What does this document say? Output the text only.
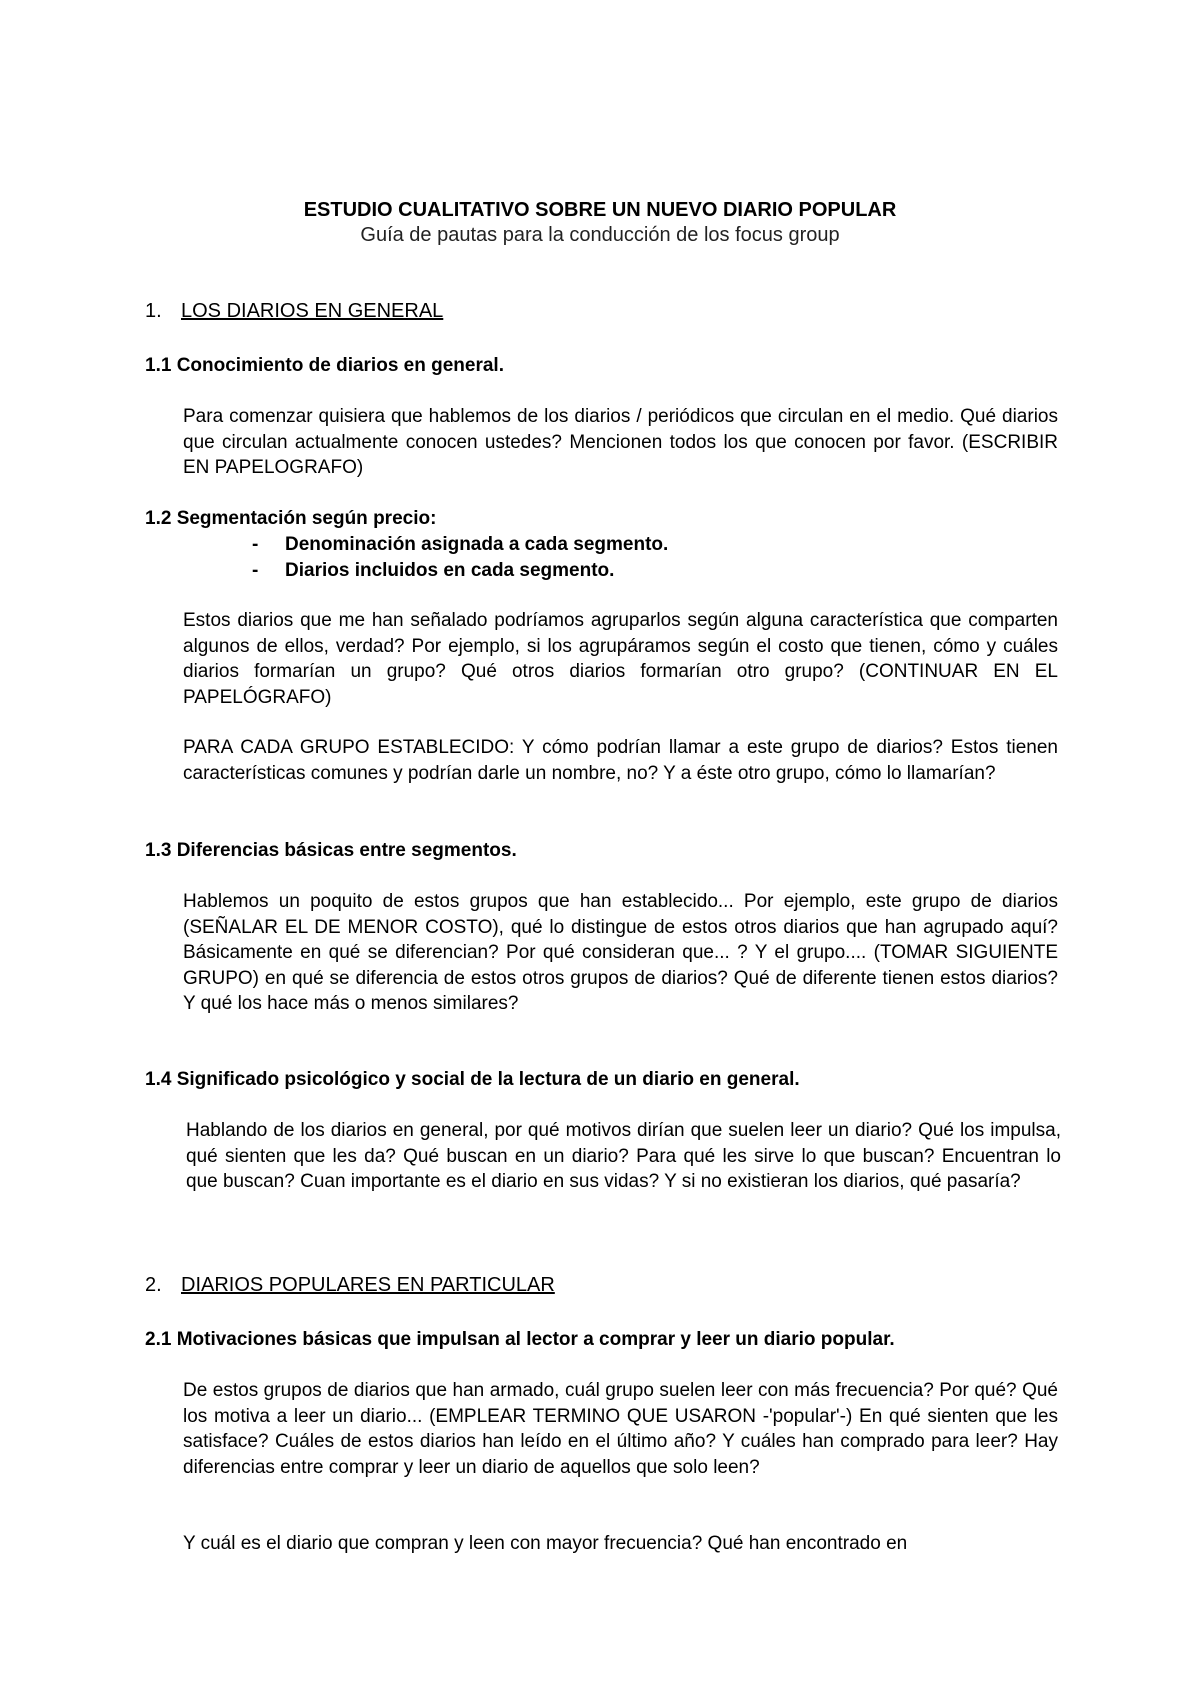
ESTUDIO CUALITATIVO SOBRE UN NUEVO DIARIO POPULAR
Guía de pautas para la conducción de los focus group
1. LOS DIARIOS EN GENERAL
1.1 Conocimiento de diarios en general.
Para comenzar quisiera que hablemos de los diarios / periódicos que circulan en el medio. Qué diarios que circulan actualmente conocen ustedes? Mencionen todos los que conocen por favor. (ESCRIBIR EN PAPELOGRAFO)
1.2 Segmentación según precio:
-	Denominación asignada a cada segmento.
-	Diarios incluidos en cada segmento.
Estos diarios que me han señalado podríamos agruparlos según alguna característica que comparten algunos de ellos, verdad? Por ejemplo, si los agrupáramos según el costo que tienen, cómo y cuáles diarios formarían un grupo? Qué otros diarios formarían otro grupo? (CONTINUAR EN EL PAPELÓGRAFO)
PARA CADA GRUPO ESTABLECIDO: Y cómo podrían llamar a este grupo de diarios? Estos tienen características comunes y podrían darle un nombre, no? Y a éste otro grupo, cómo lo llamarían?
1.3 Diferencias básicas entre segmentos.
Hablemos un poquito de estos grupos que han establecido... Por ejemplo, este grupo de diarios (SEÑALAR EL DE MENOR COSTO), qué lo distingue de estos otros diarios que han agrupado aquí? Básicamente en qué se diferencian? Por qué consideran que... ? Y el grupo.... (TOMAR SIGUIENTE GRUPO) en qué se diferencia de estos otros grupos de diarios? Qué de diferente tienen estos diarios? Y qué los hace más o menos similares?
1.4 Significado psicológico y social de la lectura de un diario en general.
Hablando de los diarios en general, por qué motivos dirían que suelen leer un diario? Qué los impulsa, qué sienten que les da? Qué buscan en un diario? Para qué les sirve lo que buscan? Encuentran lo que buscan? Cuan importante es el diario en sus vidas? Y si no existieran los diarios, qué pasaría?
2. DIARIOS POPULARES EN PARTICULAR
2.1 Motivaciones básicas que impulsan al lector a comprar y leer un diario popular.
De estos grupos de diarios que han armado, cuál grupo suelen leer con más frecuencia? Por qué? Qué los motiva a leer un diario... (EMPLEAR TERMINO QUE USARON -'popular'-) En qué sienten que les satisface? Cuáles de estos diarios han leído en el último año? Y cuáles han comprado para leer? Hay diferencias entre comprar y leer un diario de aquellos que solo leen?
Y cuál es el diario que compran y leen con mayor frecuencia? Qué han encontrado en
